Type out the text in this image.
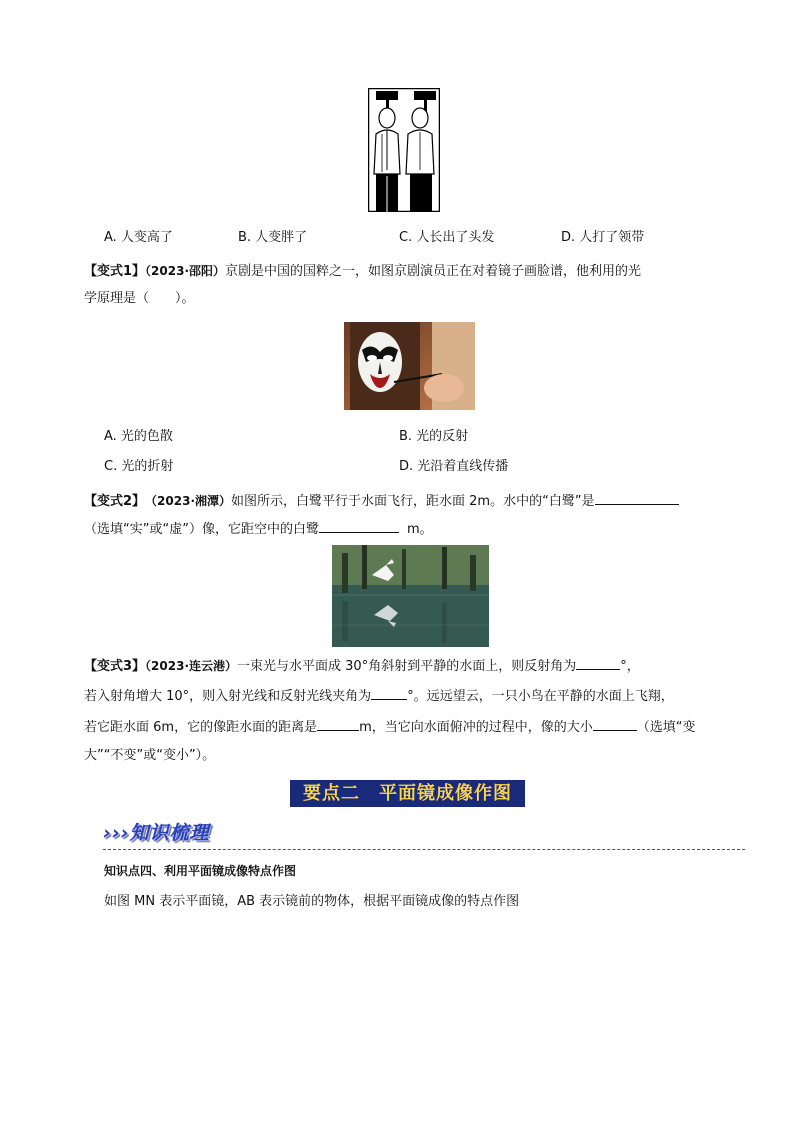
A. 人变高了	B. 人变胖了	C. 人长出了头发	D. 人打了领带
【变式1】（2023·邵阳）京剧是中国的国粹之一，如图京剧演员正在对着镜子画脸谱，他利用的光
学原理是（　　）。
A. 光的色散	B. 光的反射
C. 光的折射	D. 光沿着直线传播
【变式2】 （2023·湘潭）如图所示，白鹭平行于水面飞行，距水面 2m。水中的“白鹭”是
（选填“实”或“虚”）像，它距空中的白鹭	m。
【变式3】（2023·连云港）一束光与水平面成 30°角斜射到平静的水面上，则反射角为	°，
若入射角增大 10°，则入射光线和反射光线夹角为	°。远远望云，一只小鸟在平静的水面上飞翔，
若它距水面 6m，它的像距水面的距离是	m，当它向水面俯冲的过程中，像的大小	（选填“变
大”“不变”或“变小”）。
要点二　平面镜成像作图
›››知识梳理
知识点四、利用平面镜成像特点作图
如图 MN 表示平面镜，AB 表示镜前的物体，根据平面镜成像的特点作图
